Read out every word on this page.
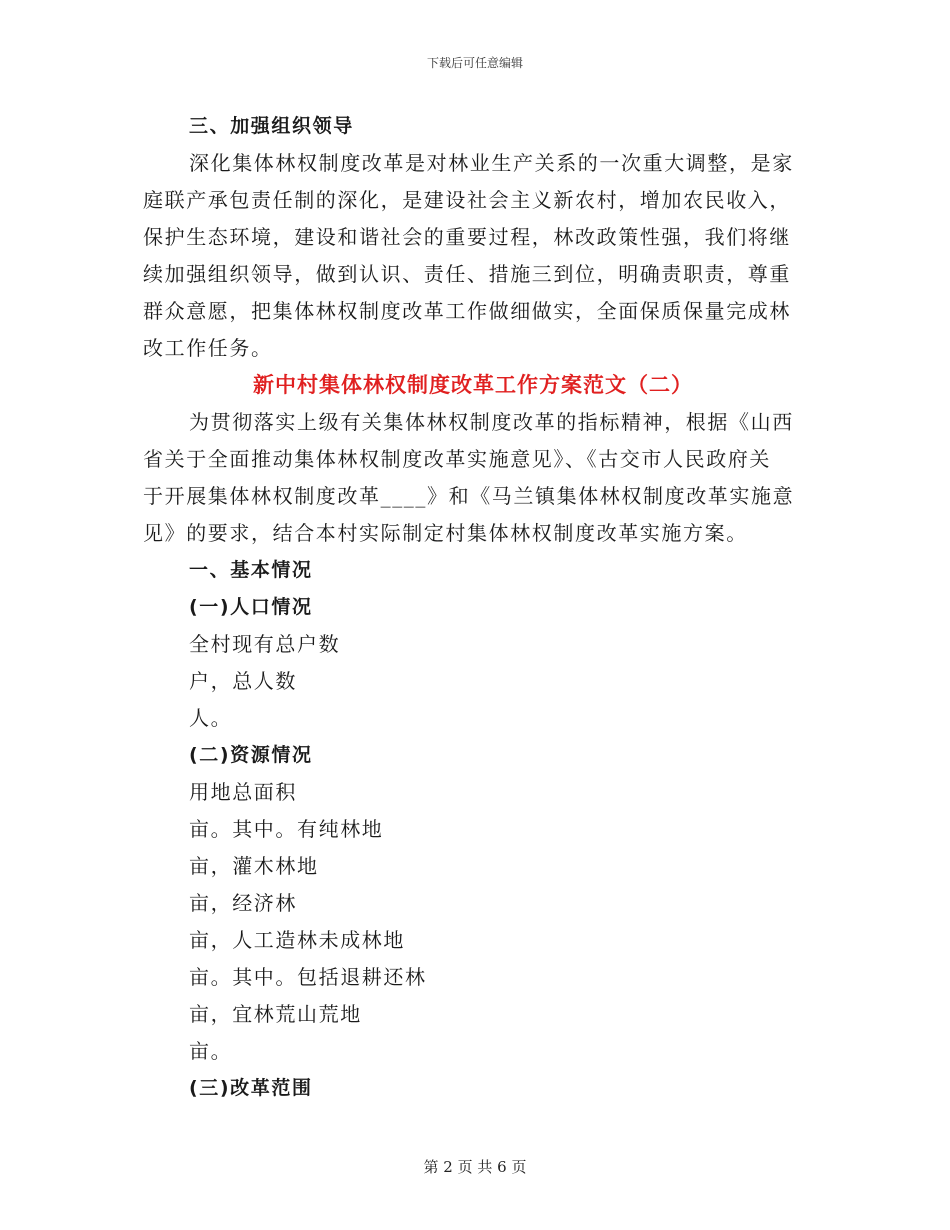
下载后可任意编辑
三、加强组织领导
深化集体林权制度改革是对林业生产关系的一次重大调整，是家
庭联产承包责任制的深化，是建设社会主义新农村，增加农民收入，
保护生态环境，建设和谐社会的重要过程，林改政策性强，我们将继
续加强组织领导，做到认识、责任、措施三到位，明确责职责，尊重
群众意愿，把集体林权制度改革工作做细做实，全面保质保量完成林
改工作任务。
新中村集体林权制度改革工作方案范文（二）
为贯彻落实上级有关集体林权制度改革的指标精神，根据《山西
省关于全面推动集体林权制度改革实施意见》、《古交市人民政府关
于开展集体林权制度改革____》和《马兰镇集体林权制度改革实施意
见》的要求，结合本村实际制定村集体林权制度改革实施方案。
一、基本情况
(一)人口情况
全村现有总户数
户，总人数
人。
(二)资源情况
用地总面积
亩。其中。有纯林地
亩，灌木林地
亩，经济林
亩，人工造林未成林地
亩。其中。包括退耕还林
亩，宜林荒山荒地
亩。
(三)改革范围
第 2 页 共 6 页
